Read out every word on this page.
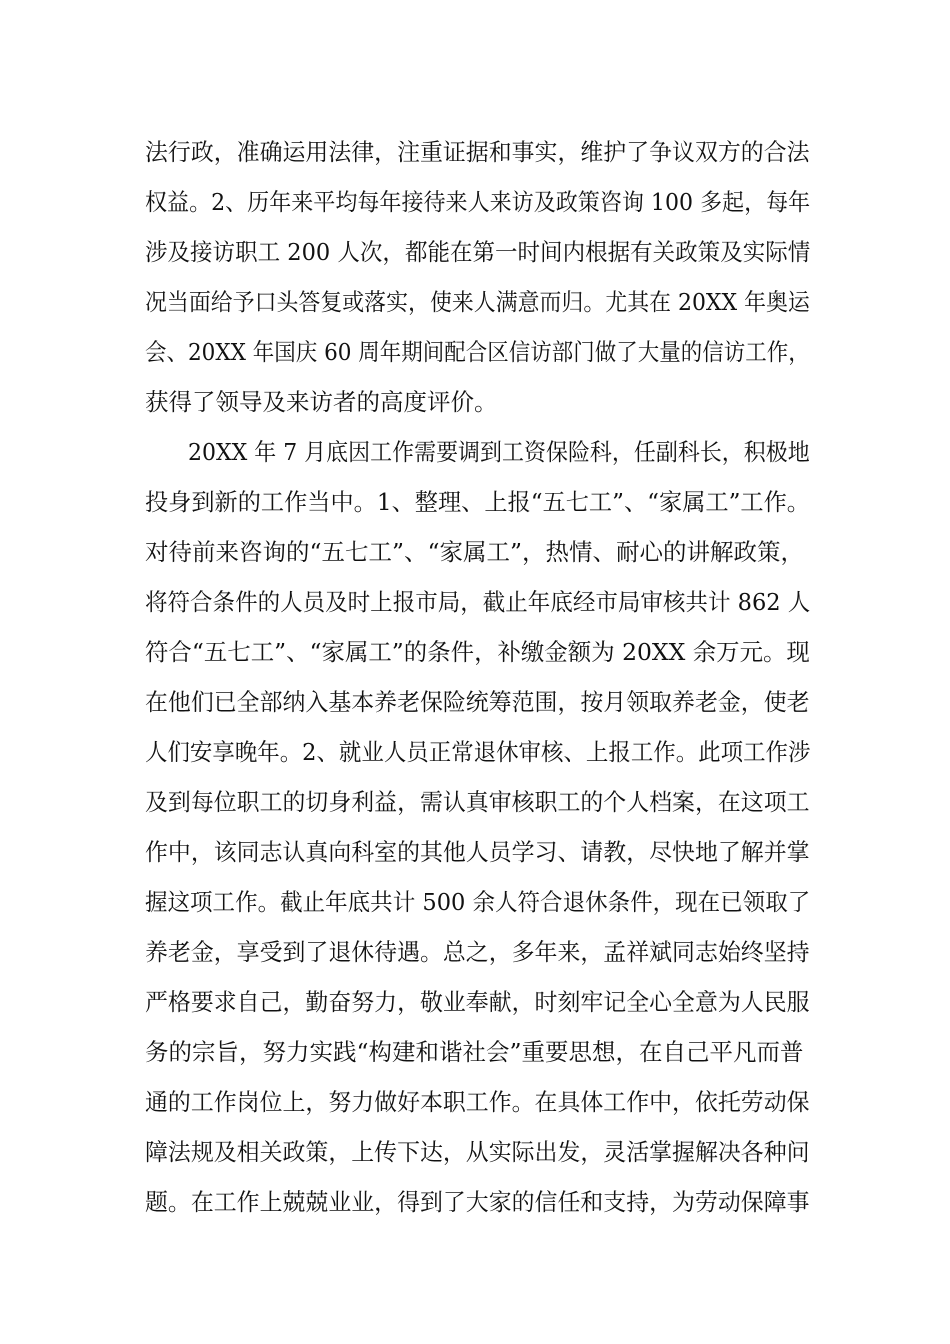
法行政，准确运用法律，注重证据和事实，维护了争议双方的合法
权益。2、历年来平均每年接待来人来访及政策咨询 100 多起，每年
涉及接访职工 200 人次，都能在第一时间内根据有关政策及实际情
况当面给予口头答复或落实，使来人满意而归。尤其在 20XX 年奥运
会、20XX 年国庆 60 周年期间配合区信访部门做了大量的信访工作，
获得了领导及来访者的高度评价。
20XX 年 7 月底因工作需要调到工资保险科，任副科长，积极地
投身到新的工作当中。1、整理、上报“五七工”、“家属工”工作。
对待前来咨询的“五七工”、“家属工”，热情、耐心的讲解政策，
将符合条件的人员及时上报市局，截止年底经市局审核共计 862 人
符合“五七工”、“家属工”的条件，补缴金额为 20XX 余万元。现
在他们已全部纳入基本养老保险统筹范围，按月领取养老金，使老
人们安享晚年。2、就业人员正常退休审核、上报工作。此项工作涉
及到每位职工的切身利益，需认真审核职工的个人档案，在这项工
作中，该同志认真向科室的其他人员学习、请教，尽快地了解并掌
握这项工作。截止年底共计 500 余人符合退休条件，现在已领取了
养老金，享受到了退休待遇。总之，多年来，孟祥斌同志始终坚持
严格要求自己，勤奋努力，敬业奉献，时刻牢记全心全意为人民服
务的宗旨，努力实践“构建和谐社会”重要思想，在自己平凡而普
通的工作岗位上，努力做好本职工作。在具体工作中，依托劳动保
障法规及相关政策，上传下达，从实际出发，灵活掌握解决各种问
题。在工作上兢兢业业，得到了大家的信任和支持，为劳动保障事
